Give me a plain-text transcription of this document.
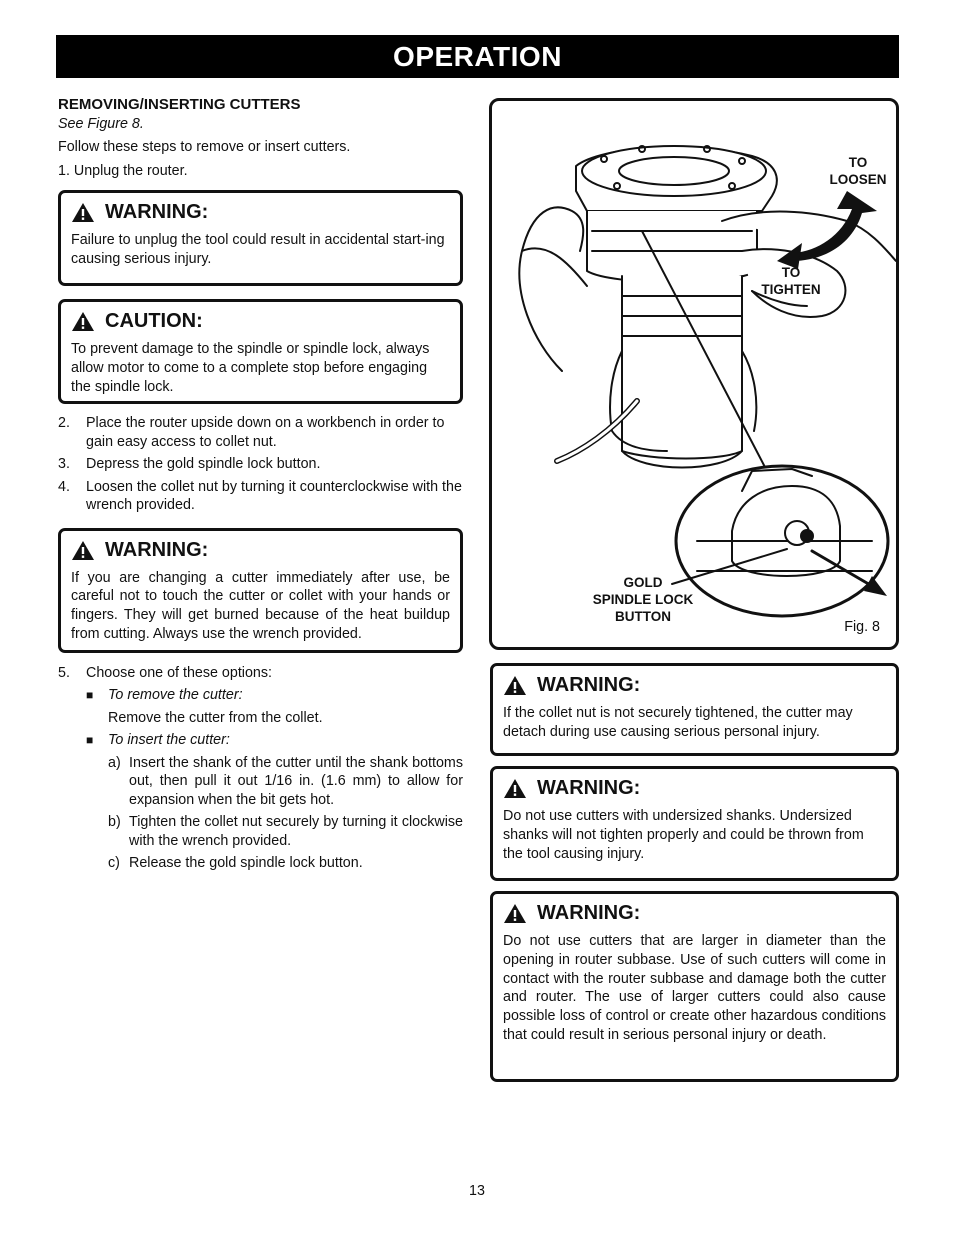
OPERATION

REMOVING/INSERTING CUTTERS

See Figure 8.

Follow these steps to remove or insert cutters.

1. Unplug the router.

WARNING:

Failure to unplug the tool could result in accidental start-ing causing serious injury.

CAUTION:

To prevent damage to the spindle or spindle lock, always allow motor to come to a complete stop before engaging the spindle lock.

2.	Place the router upside down on a workbench in order to gain easy access to collet nut.
3.	Depress the gold spindle lock button.
4.	Loosen the collet nut by turning it counterclockwise with the wrench provided.
WARNING:

If you are changing a cutter immediately after use, be careful not to touch the cutter or collet with your hands or fingers. They will get burned because of the heat buildup from cutting. Always use the wrench provided.

5.	Choose one of these options:
■	To remove the cutter:

Remove the cutter from the collet.

■	To insert the cutter:
a) Insert the shank of the cutter until the shank bottoms out, then pull it out 1/16 in. (1.6 mm) to allow for expansion when the bit gets hot.
b) Tighten the collet nut securely by turning it clockwise with the wrench provided.
c) Release the gold spindle lock button.
TO
LOOSEN
TO
TIGHTEN
GOLD
SPINDLE LOCK
BUTTON
Fig. 8
WARNING:

If the collet nut is not securely tightened, the cutter may detach during use causing serious personal injury.

WARNING:

Do not use cutters with undersized shanks. Undersized shanks will not tighten properly and could be thrown from the tool causing injury.

WARNING:

Do not use cutters that are larger in diameter than the opening in router subbase. Use of such cutters will come in contact with the router subbase and damage both the cutter and router. The use of larger cutters could also cause possible loss of control or create other hazardous conditions that could result in serious personal injury or death.

13
